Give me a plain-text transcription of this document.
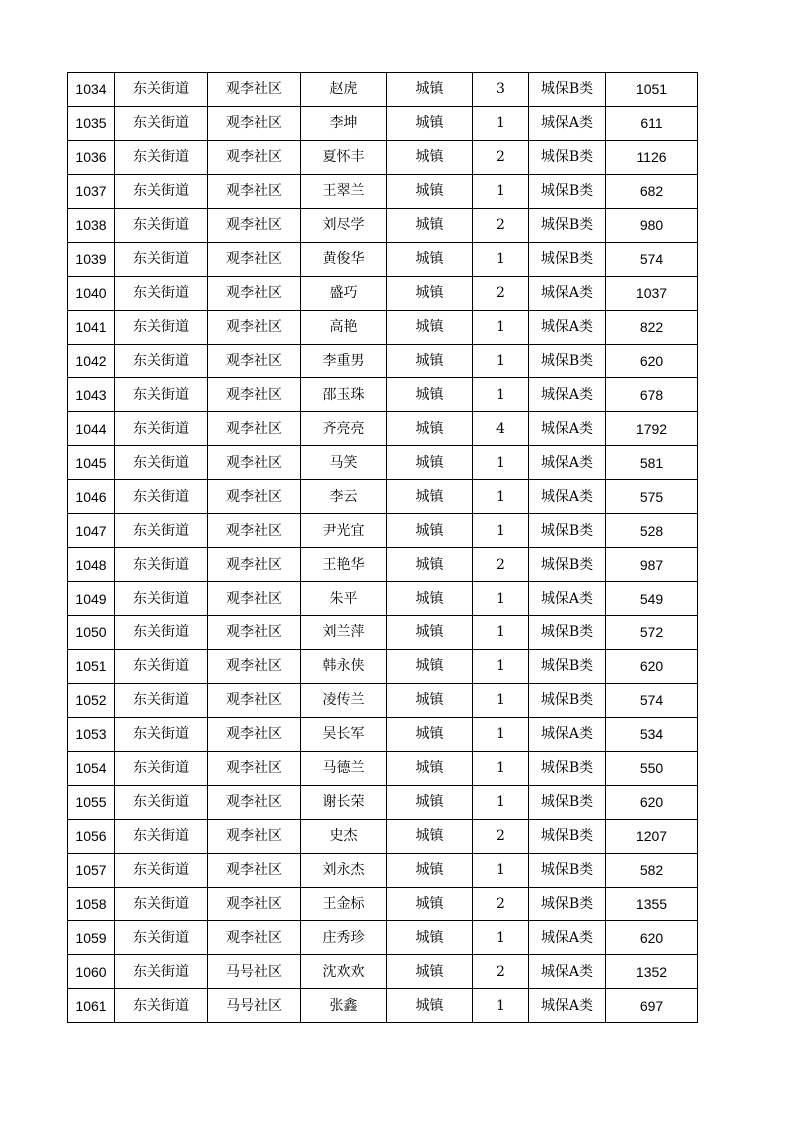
1034	东关街道	观李社区	赵虎	城镇	3	城保B类	1051
1035	东关街道	观李社区	李坤	城镇	1	城保A类	611
1036	东关街道	观李社区	夏怀丰	城镇	2	城保B类	1126
1037	东关街道	观李社区	王翠兰	城镇	1	城保B类	682
1038	东关街道	观李社区	刘尽学	城镇	2	城保B类	980
1039	东关街道	观李社区	黄俊华	城镇	1	城保B类	574
1040	东关街道	观李社区	盛巧	城镇	2	城保A类	1037
1041	东关街道	观李社区	高艳	城镇	1	城保A类	822
1042	东关街道	观李社区	李重男	城镇	1	城保B类	620
1043	东关街道	观李社区	邵玉珠	城镇	1	城保A类	678
1044	东关街道	观李社区	齐亮亮	城镇	4	城保A类	1792
1045	东关街道	观李社区	马笑	城镇	1	城保A类	581
1046	东关街道	观李社区	李云	城镇	1	城保A类	575
1047	东关街道	观李社区	尹光宜	城镇	1	城保B类	528
1048	东关街道	观李社区	王艳华	城镇	2	城保B类	987
1049	东关街道	观李社区	朱平	城镇	1	城保A类	549
1050	东关街道	观李社区	刘兰萍	城镇	1	城保B类	572
1051	东关街道	观李社区	韩永侠	城镇	1	城保B类	620
1052	东关街道	观李社区	凌传兰	城镇	1	城保B类	574
1053	东关街道	观李社区	吴长军	城镇	1	城保A类	534
1054	东关街道	观李社区	马德兰	城镇	1	城保B类	550
1055	东关街道	观李社区	谢长荣	城镇	1	城保B类	620
1056	东关街道	观李社区	史杰	城镇	2	城保B类	1207
1057	东关街道	观李社区	刘永杰	城镇	1	城保B类	582
1058	东关街道	观李社区	王金标	城镇	2	城保B类	1355
1059	东关街道	观李社区	庄秀珍	城镇	1	城保A类	620
1060	东关街道	马号社区	沈欢欢	城镇	2	城保A类	1352
1061	东关街道	马号社区	张鑫	城镇	1	城保A类	697
